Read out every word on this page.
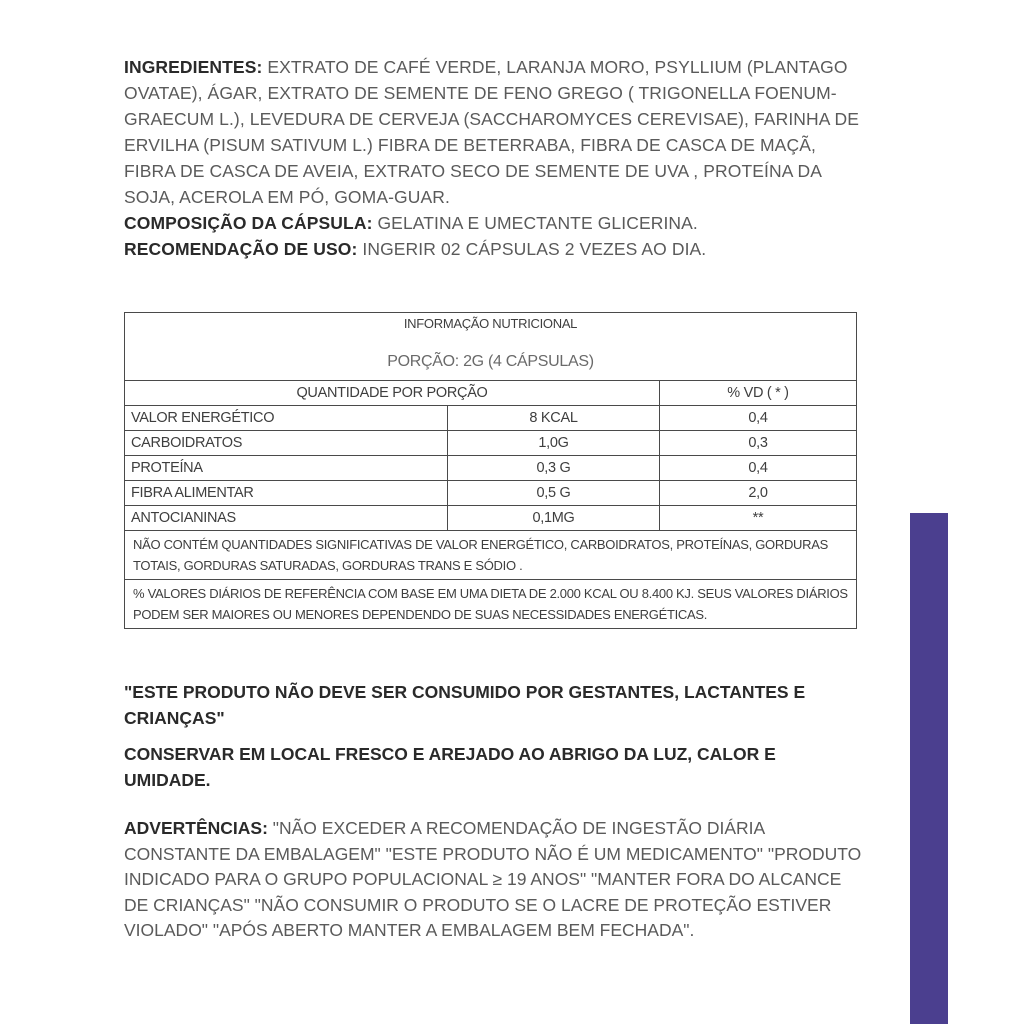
INGREDIENTES: EXTRATO DE CAFÉ VERDE, LARANJA MORO, PSYLLIUM (PLANTAGO OVATAE), ÁGAR, EXTRATO DE SEMENTE DE FENO GREGO ( TRIGONELLA FOENUM- GRAECUM L.), LEVEDURA DE CERVEJA (SACCHAROMYCES CEREVISAE), FARINHA DE ERVILHA (PISUM SATIVUM L.) FIBRA DE BETERRABA, FIBRA DE CASCA DE MAÇÃ, FIBRA DE CASCA DE AVEIA, EXTRATO SECO DE SEMENTE DE UVA , PROTEÍNA DA SOJA, ACEROLA EM PÓ, GOMA-GUAR.

COMPOSIÇÃO DA CÁPSULA: GELATINA E UMECTANTE GLICERINA.

RECOMENDAÇÃO DE USO: INGERIR 02 CÁPSULAS 2 VEZES AO DIA.

INFORMAÇÃO NUTRICIONAL
PORÇÃO: 2G (4 CÁPSULAS)		

QUANTIDADE POR PORÇÃO		% VD ( * )
VALOR ENERGÉTICO	8 KCAL	0,4
CARBOIDRATOS	1,0G	0,3
PROTEÍNA	0,3 G	0,4
FIBRA ALIMENTAR	0,5 G	2,0
ANTOCIANINAS	0,1MG	**
NÃO CONTÉM QUANTIDADES SIGNIFICATIVAS DE VALOR ENERGÉTICO, CARBOIDRATOS, PROTEÍNAS, GORDURAS TOTAIS, GORDURAS SATURADAS, GORDURAS TRANS E SÓDIO .		
% VALORES DIÁRIOS DE REFERÊNCIA COM BASE EM UMA DIETA DE 2.000 KCAL OU 8.400 KJ. SEUS VALORES DIÁRIOS PODEM SER MAIORES OU MENORES DEPENDENDO DE SUAS NECESSIDADES ENERGÉTICAS.		

"ESTE PRODUTO NÃO DEVE SER CONSUMIDO POR GESTANTES, LACTANTES E CRIANÇAS"

CONSERVAR EM LOCAL FRESCO E AREJADO AO ABRIGO DA LUZ, CALOR E UMIDADE.

ADVERTÊNCIAS: "NÃO EXCEDER A RECOMENDAÇÃO DE INGESTÃO DIÁRIA CONSTANTE DA EMBALAGEM" "ESTE PRODUTO NÃO É UM MEDICAMENTO" "PRODUTO INDICADO PARA O GRUPO POPULACIONAL ≥ 19 ANOS" "MANTER FORA DO ALCANCE DE CRIANÇAS" "NÃO CONSUMIR O PRODUTO SE O LACRE DE PROTEÇÃO ESTIVER VIOLADO" "APÓS ABERTO MANTER A EMBALAGEM BEM FECHADA".
